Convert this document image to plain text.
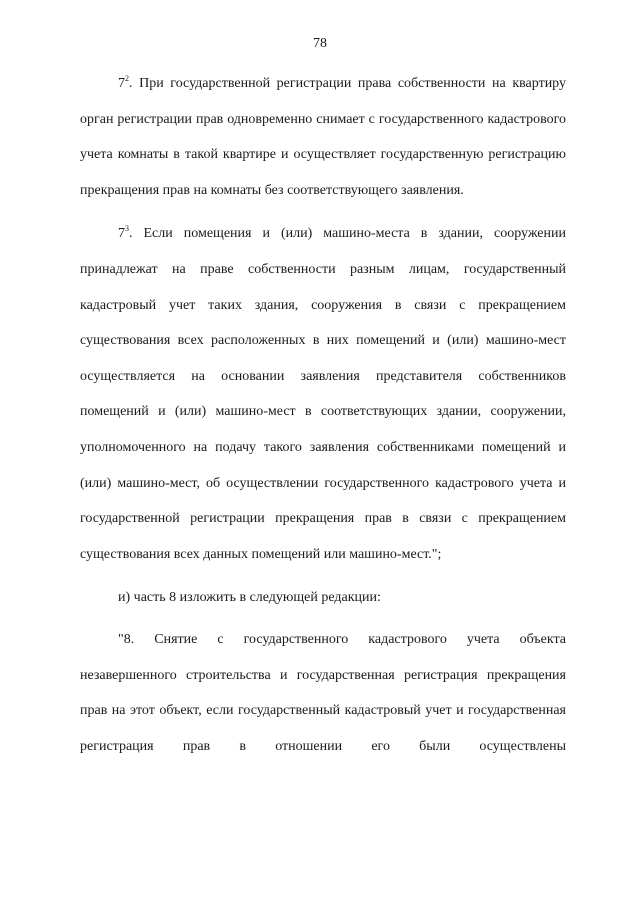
78

$7^2$. При государственной регистрации права собственности на квартиру орган регистрации прав одновременно снимает с государственного кадастрового учета комнаты в такой квартире и осуществляет государственную регистрацию прекращения прав на комнаты без соответствующего заявления.

$7^3$. Если помещения и (или) машино-места в здании, сооружении принадлежат на праве собственности разным лицам, государственный кадастровый учет таких здания, сооружения в связи с прекращением существования всех расположенных в них помещений и (или) машино-мест осуществляется на основании заявления представителя собственников помещений и (или) машино-мест в соответствующих здании, сооружении, уполномоченного на подачу такого заявления собственниками помещений и (или) машино-мест, об осуществлении государственного кадастрового учета и государственной регистрации прекращения прав в связи с прекращением существования всех данных помещений или машино-мест.";

и) часть 8 изложить в следующей редакции:

"8. Снятие с государственного кадастрового учета объекта незавершенного строительства и государственная регистрация прекращения прав на этот объект, если государственный кадастровый учет и государственная регистрация прав в отношении его были осуществлены
